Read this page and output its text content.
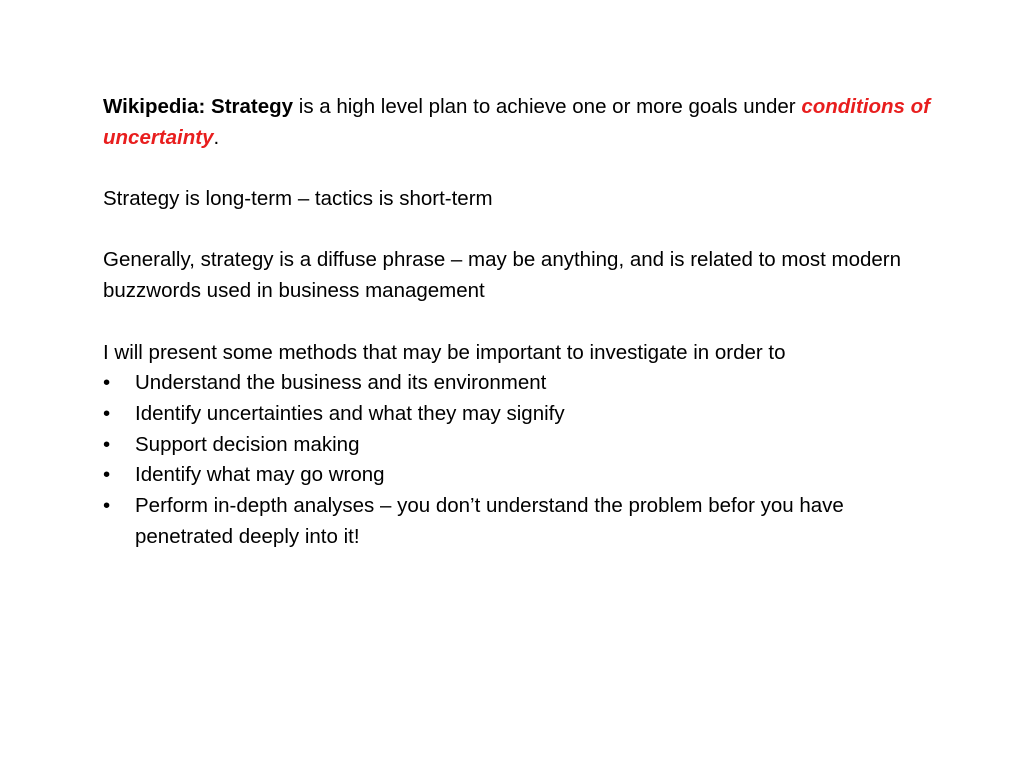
Wikipedia: Strategy is a high level plan to achieve one or more goals under conditions of uncertainty.

Strategy is long-term – tactics is short-term

Generally, strategy is a diffuse phrase – may be anything, and is related to most modern buzzwords used in business management

I will present some methods that may be important to investigate in order to

•	Understand the business and its environment
•	Identify uncertainties and what they may signify
•	Support decision making
•	Identify what may go wrong
•	Perform in-depth analyses – you don’t understand the problem befor you have penetrated deeply into it!
